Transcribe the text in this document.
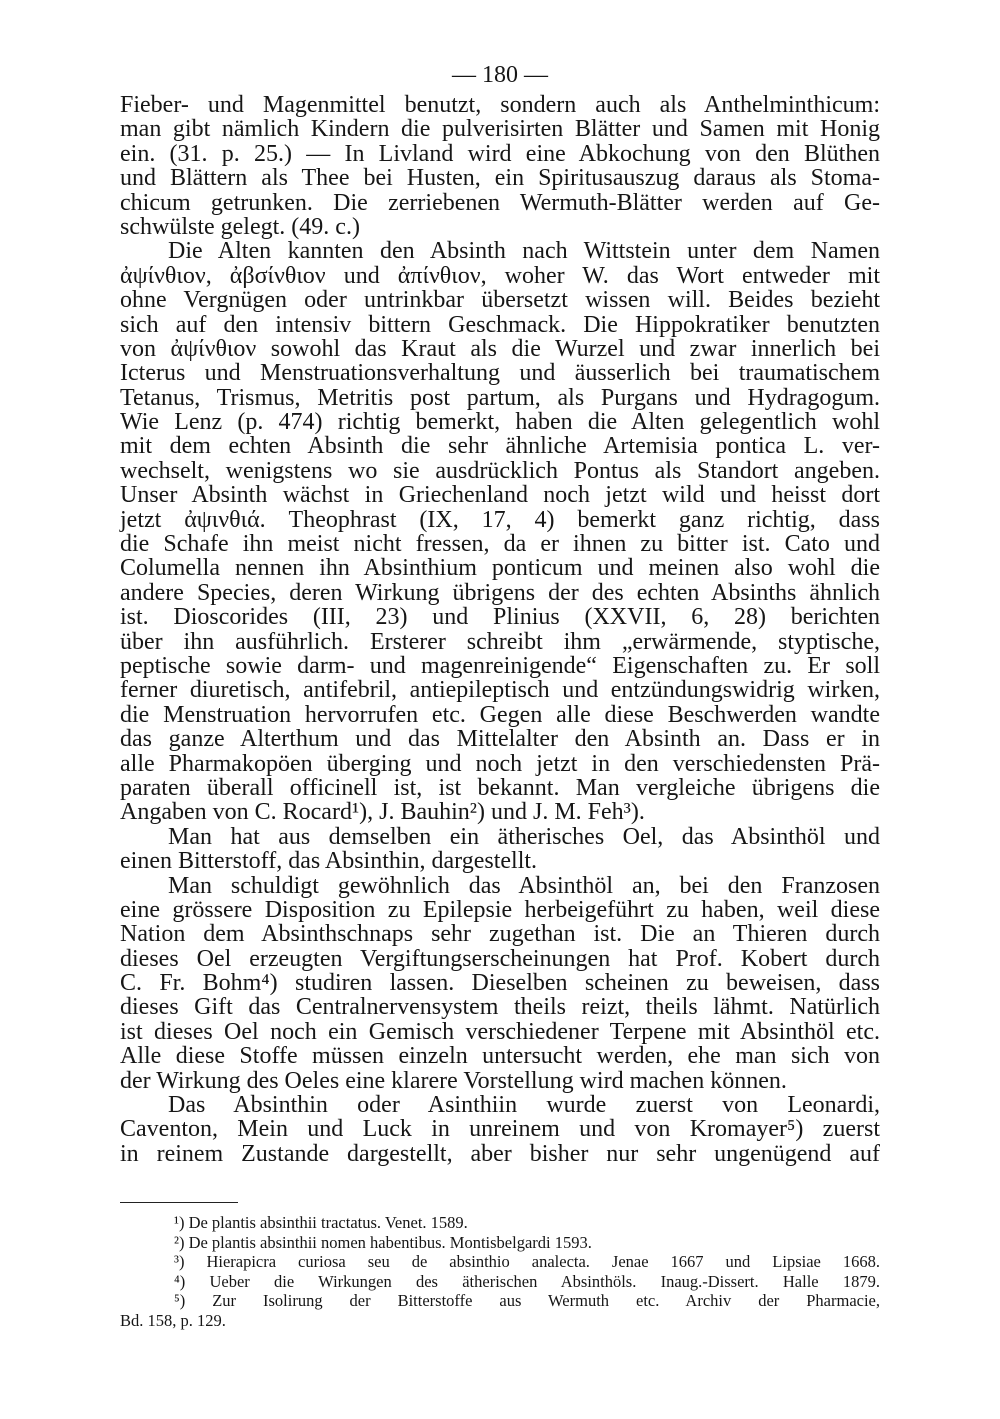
— 180 —
Fieber- und Magenmittel benutzt, sondern auch als Anthelminthicum:
man gibt nämlich Kindern die pulverisirten Blätter und Samen mit Honig
ein. (31. p. 25.) — In Livland wird eine Abkochung von den Blüthen
und Blättern als Thee bei Husten, ein Spiritusauszug daraus als Stoma-
chicum getrunken. Die zerriebenen Wermuth-Blätter werden auf Ge-
schwülste gelegt. (49. c.)
Die Alten kannten den Absinth nach Wittstein unter dem Namen
ἀψίνθιον, ἀβσίνθιον und ἀπίνθιον, woher W. das Wort entweder mit
ohne Vergnügen oder untrinkbar übersetzt wissen will. Beides bezieht
sich auf den intensiv bittern Geschmack. Die Hippokratiker benutzten
von ἀψίνθιον sowohl das Kraut als die Wurzel und zwar innerlich bei
Icterus und Menstruationsverhaltung und äusserlich bei traumatischem
Tetanus, Trismus, Metritis post partum, als Purgans und Hydragogum.
Wie Lenz (p. 474) richtig bemerkt, haben die Alten gelegentlich wohl
mit dem echten Absinth die sehr ähnliche Artemisia pontica L. ver-
wechselt, wenigstens wo sie ausdrücklich Pontus als Standort angeben.
Unser Absinth wächst in Griechenland noch jetzt wild und heisst dort
jetzt ἀψινθιά. Theophrast (IX, 17, 4) bemerkt ganz richtig, dass
die Schafe ihn meist nicht fressen, da er ihnen zu bitter ist. Cato und
Columella nennen ihn Absinthium ponticum und meinen also wohl die
andere Species, deren Wirkung übrigens der des echten Absinths ähnlich
ist. Dioscorides (III, 23) und Plinius (XXVII, 6, 28) berichten
über ihn ausführlich. Ersterer schreibt ihm „erwärmende, styptische,
peptische sowie darm- und magenreinigende“ Eigenschaften zu. Er soll
ferner diuretisch, antifebril, antiepileptisch und entzündungswidrig wirken,
die Menstruation hervorrufen etc. Gegen alle diese Beschwerden wandte
das ganze Alterthum und das Mittelalter den Absinth an. Dass er in
alle Pharmakopöen überging und noch jetzt in den verschiedensten Prä-
paraten überall officinell ist, ist bekannt. Man vergleiche übrigens die
Angaben von C. Rocard¹), J. Bauhin²) und J. M. Feh³).
Man hat aus demselben ein ätherisches Oel, das Absinthöl und
einen Bitterstoff, das Absinthin, dargestellt.
Man schuldigt gewöhnlich das Absinthöl an, bei den Franzosen
eine grössere Disposition zu Epilepsie herbeigeführt zu haben, weil diese
Nation dem Absinthschnaps sehr zugethan ist. Die an Thieren durch
dieses Oel erzeugten Vergiftungserscheinungen hat Prof. Kobert durch
C. Fr. Bohm⁴) studiren lassen. Dieselben scheinen zu beweisen, dass
dieses Gift das Centralnervensystem theils reizt, theils lähmt. Natürlich
ist dieses Oel noch ein Gemisch verschiedener Terpene mit Absinthöl etc.
Alle diese Stoffe müssen einzeln untersucht werden, ehe man sich von
der Wirkung des Oeles eine klarere Vorstellung wird machen können.
Das Absinthin oder Asinthiin wurde zuerst von Leonardi,
Caventon, Mein und Luck in unreinem und von Kromayer⁵) zuerst
in reinem Zustande dargestellt, aber bisher nur sehr ungenügend auf
¹) De plantis absinthii tractatus. Venet. 1589.
²) De plantis absinthii nomen habentibus. Montisbelgardi 1593.
³) Hierapicra curiosa seu de absinthio analecta. Jenae 1667 und Lipsiae 1668.
⁴) Ueber die Wirkungen des ätherischen Absinthöls. Inaug.-Dissert. Halle 1879.
⁵) Zur Isolirung der Bitterstoffe aus Wermuth etc. Archiv der Pharmacie,
Bd. 158, p. 129.
